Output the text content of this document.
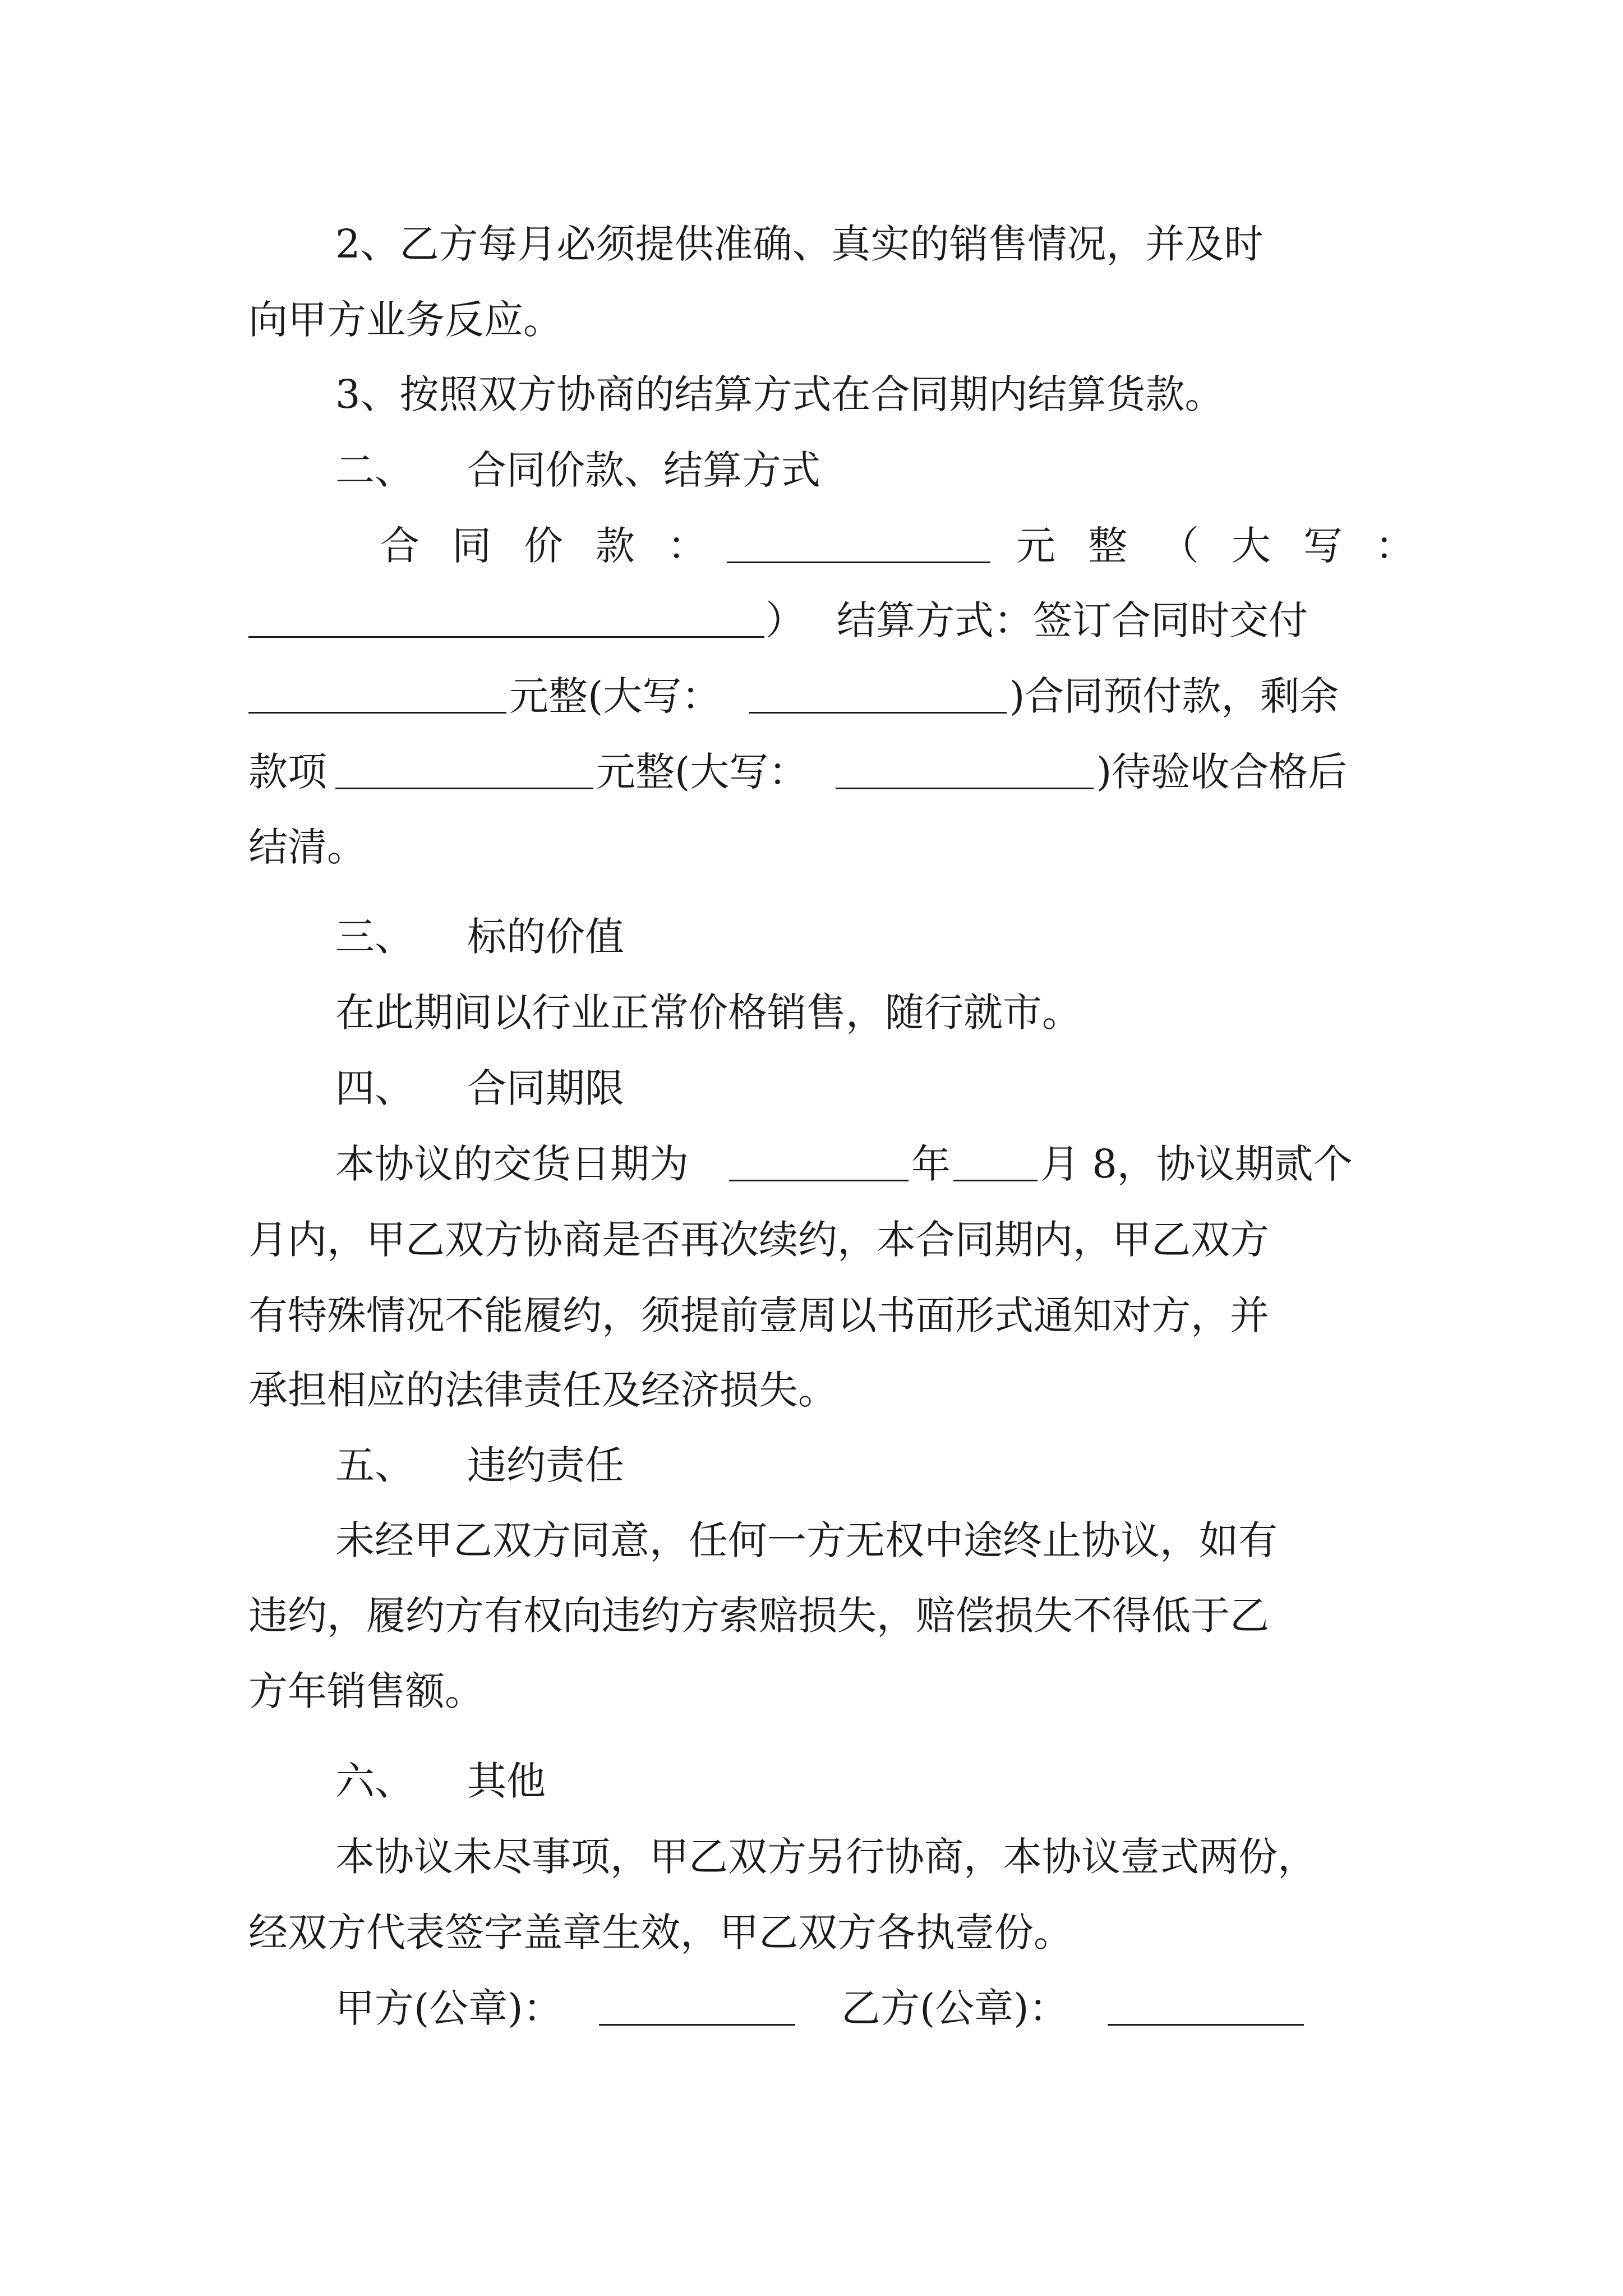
2、乙方每月必须提供准确、真实的销售情况，并及时
向甲方业务反应。
3、按照双方协商的结算方式在合同期内结算货款。
二、 合同价款、结算方式
合同价款：	元整（大写：
） 结算方式：签订合同时交付
元整(大写：	)合同预付款，剩余
款项	元整(大写：	)待验收合格后
结清。
三、 标的价值
在此期间以行业正常价格销售，随行就市。
四、 合同期限
本协议的交货日期为	年 月 8，协议期贰个
月内，甲乙双方协商是否再次续约，本合同期内，甲乙双方
有特殊情况不能履约，须提前壹周以书面形式通知对方，并
承担相应的法律责任及经济损失。
五、 违约责任
未经甲乙双方同意，任何一方无权中途终止协议，如有
违约，履约方有权向违约方索赔损失，赔偿损失不得低于乙
方年销售额。
六、 其他
本协议未尽事项，甲乙双方另行协商，本协议壹式两份，
经双方代表签字盖章生效，甲乙双方各执壹份。
甲方(公章)：	乙方(公章)：
